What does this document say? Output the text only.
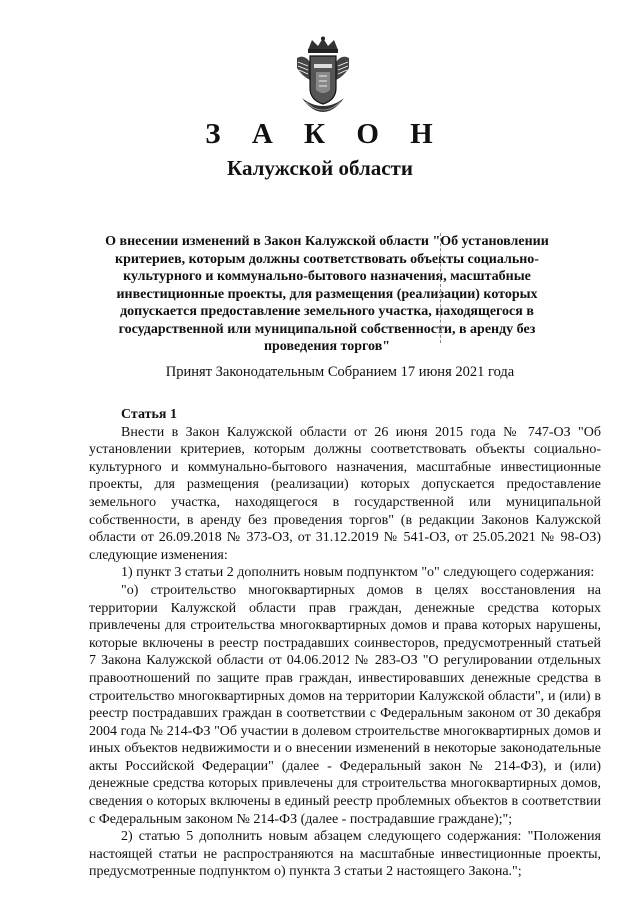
З А К О Н
Калужской области
О внесении изменений в Закон Калужской области "Об установлении критериев, которым должны соответствовать объекты социально-культурного и коммунально-бытового назначения, масштабные инвестиционные проекты, для размещения (реализации) которых допускается предоставление земельного участка, находящегося в государственной или муниципальной собственности, в аренду без проведения торгов"
Принят Законодательным Собранием 17 июня 2021 года

Статья 1

Внести в Закон Калужской области от 26 июня 2015 года № 747-ОЗ "Об установлении критериев, которым должны соответствовать объекты социально-культурного и коммунально-бытового назначения, масштабные инвестиционные проекты, для размещения (реализации) которых допускается предоставление земельного участка, находящегося в государственной или муниципальной собственности, в аренду без проведения торгов" (в редакции Законов Калужской области от 26.09.2018 № 373-ОЗ, от 31.12.2019 № 541-ОЗ, от 25.05.2021 № 98-ОЗ) следующие изменения:

1) пункт 3 статьи 2 дополнить новым подпунктом "о" следующего содержания:

"о) строительство многоквартирных домов в целях восстановления на территории Калужской области прав граждан, денежные средства которых привлечены для строительства многоквартирных домов и права которых нарушены, которые включены в реестр пострадавших соинвесторов, предусмотренный статьей 7 Закона Калужской области от 04.06.2012 № 283-ОЗ "О регулировании отдельных правоотношений по защите прав граждан, инвестировавших денежные средства в строительство многоквартирных домов на территории Калужской области", и (или) в реестр пострадавших граждан в соответствии с Федеральным законом от 30 декабря 2004 года № 214-ФЗ "Об участии в долевом строительстве многоквартирных домов и иных объектов недвижимости и о внесении изменений в некоторые законодательные акты Российской Федерации" (далее - Федеральный закон № 214-ФЗ), и (или) денежные средства которых привлечены для строительства многоквартирных домов, сведения о которых включены в единый реестр проблемных объектов в соответствии с Федеральным законом № 214-ФЗ (далее - пострадавшие граждане);";

2) статью 5 дополнить новым абзацем следующего содержания: "Положения настоящей статьи не распространяются на масштабные инвестиционные проекты, предусмотренные подпунктом о) пункта 3 статьи 2 настоящего Закона.";
